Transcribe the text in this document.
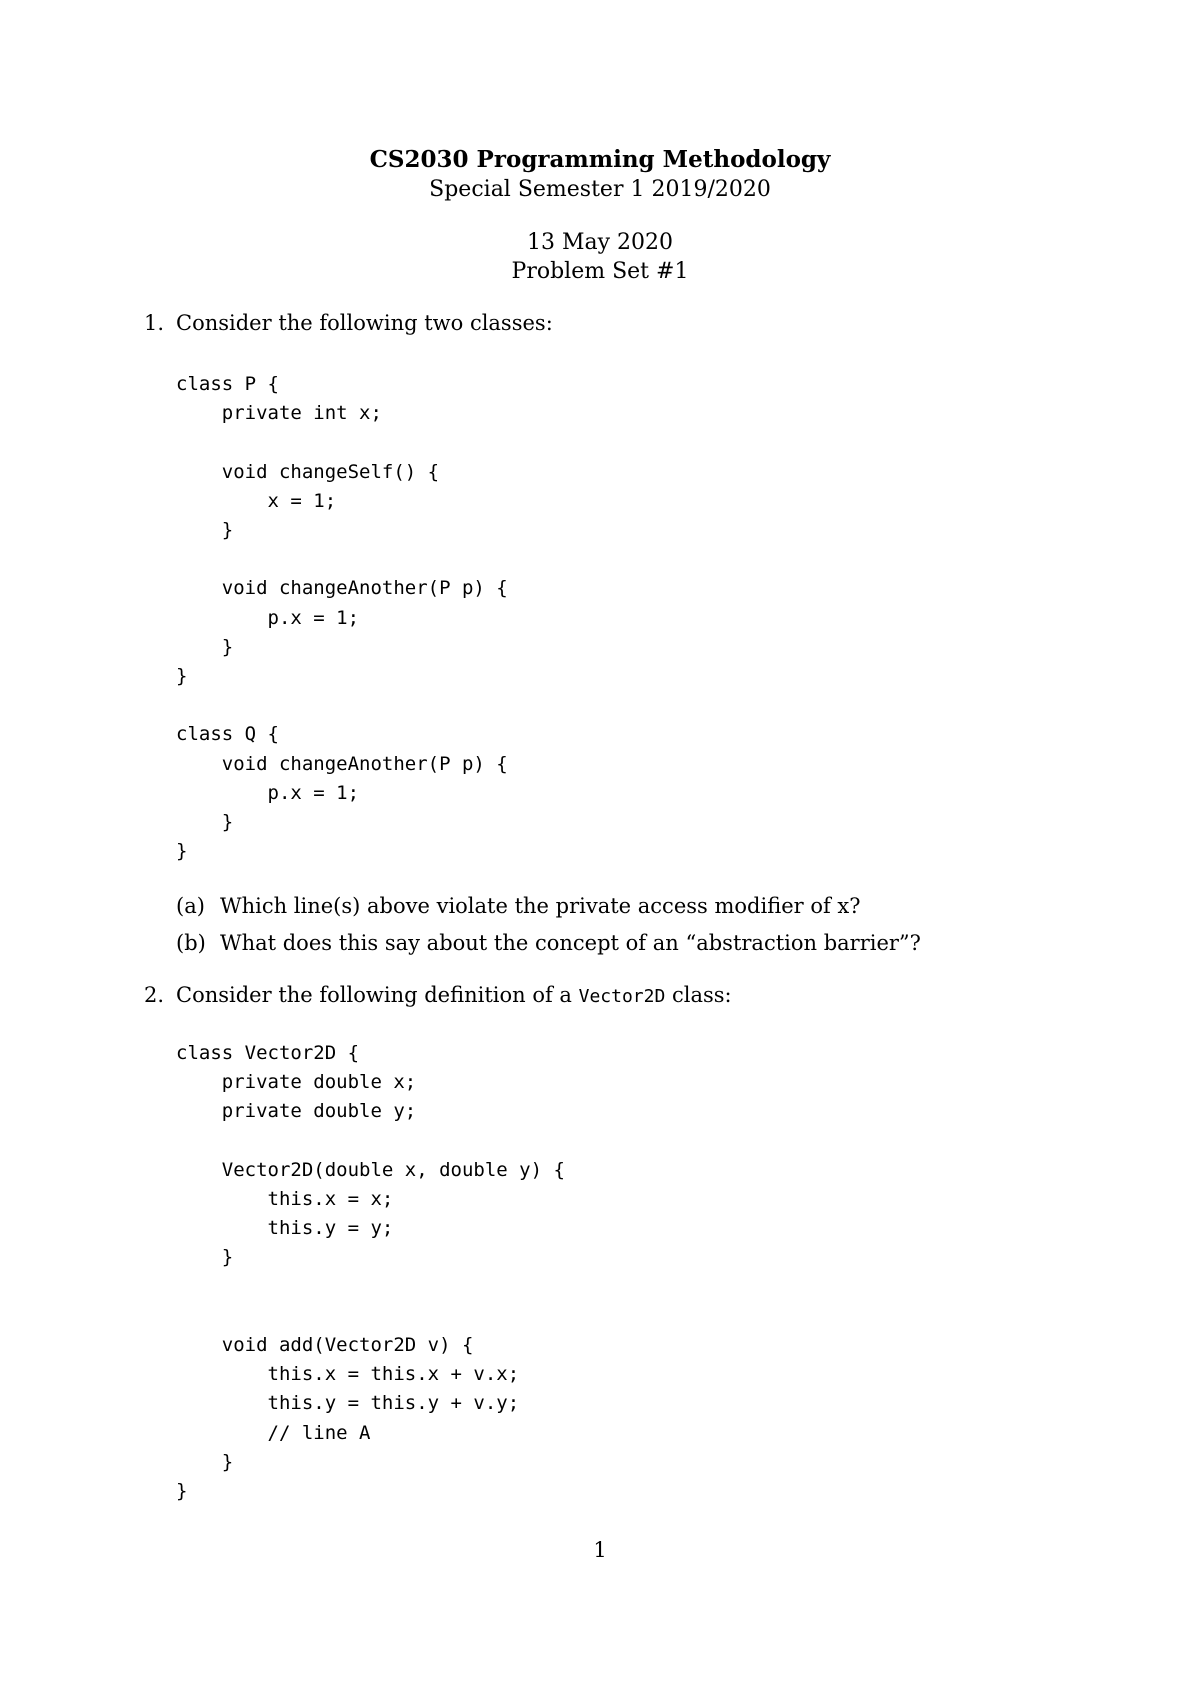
CS2030 Programming Methodology
Special Semester 1 2019/2020
13 May 2020
Problem Set #1
1. Consider the following two classes:
class P {
private int x;

void changeSelf() {
x = 1;
}

void changeAnother(P p) {
p.x = 1;
}
}

class Q {
void changeAnother(P p) {
p.x = 1;
}
}
(a) Which line(s) above violate the private access modifier of x?
(b) What does this say about the concept of an “abstraction barrier”?
2. Consider the following definition of a Vector2D class:
class Vector2D {
private double x;
private double y;

Vector2D(double x, double y) {
this.x = x;
this.y = y;
}

void add(Vector2D v) {
this.x = this.x + v.x;
this.y = this.y + v.y;
// line A
}
}
1
